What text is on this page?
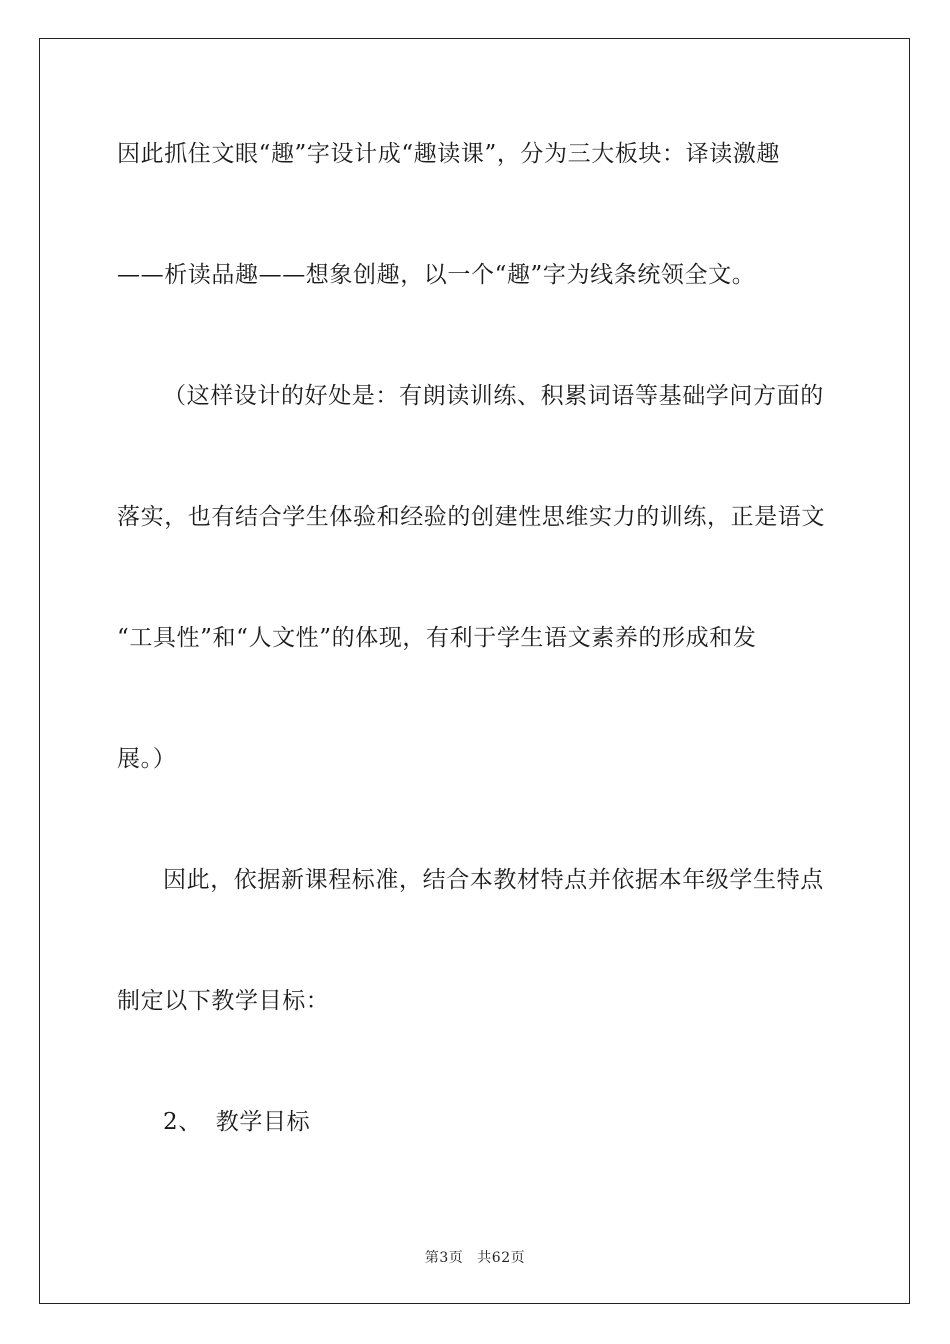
因此抓住文眼“趣”字设计成“趣读课”，分为三大板块：译读激趣
——析读品趣——想象创趣，以一个“趣”字为线条统领全文。
（这样设计的好处是：有朗读训练、积累词语等基础学问方面的
落实，也有结合学生体验和经验的创建性思维实力的训练，正是语文
“工具性”和“人文性”的体现，有利于学生语文素养的形成和发
展。）
因此，依据新课程标准，结合本教材特点并依据本年级学生特点
制定以下教学目标：
2、 教学目标
第3页 共62页
